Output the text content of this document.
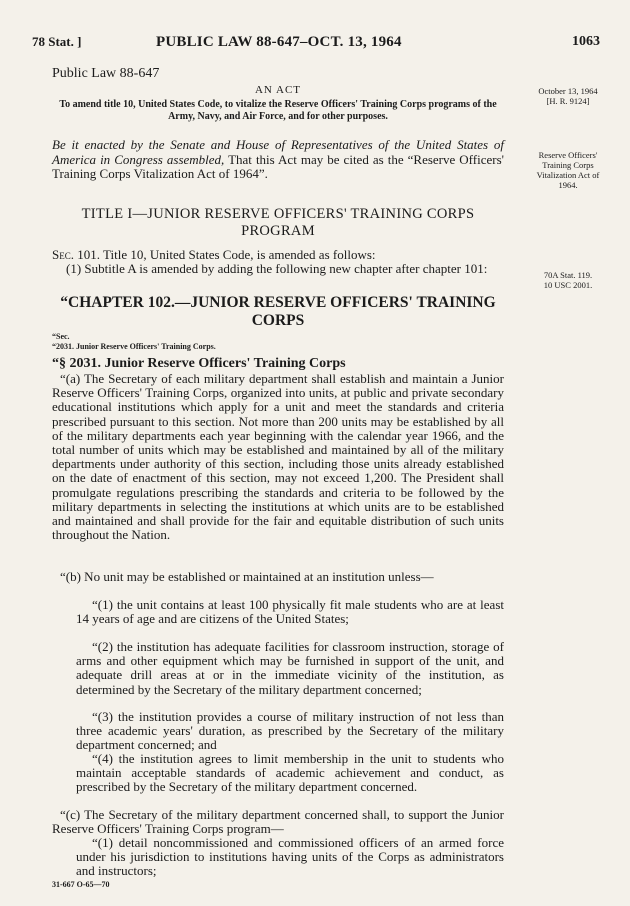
78 Stat. ]	PUBLIC LAW 88-647–OCT. 13, 1964	1063
Public Law 88-647
AN ACT
To amend title 10, United States Code, to vitalize the Reserve Officers' Training Corps programs of the Army, Navy, and Air Force, and for other purposes.
Be it enacted by the Senate and House of Representatives of the United States of America in Congress assembled, That this Act may be cited as the “Reserve Officers' Training Corps Vitalization Act of 1964”.
TITLE I—JUNIOR RESERVE OFFICERS' TRAINING CORPS PROGRAM
Sec. 101. Title 10, United States Code, is amended as follows:
(1) Subtitle A is amended by adding the following new chapter after chapter 101:
“CHAPTER 102.—JUNIOR RESERVE OFFICERS' TRAINING CORPS
“Sec.
“2031. Junior Reserve Officers' Training Corps.
“§ 2031. Junior Reserve Officers' Training Corps
“(a) The Secretary of each military department shall establish and maintain a Junior Reserve Officers' Training Corps, organized into units, at public and private secondary educational institutions which apply for a unit and meet the standards and criteria prescribed pursuant to this section. Not more than 200 units may be established by all of the military departments each year beginning with the calendar year 1966, and the total number of units which may be established and maintained by all of the military departments under authority of this section, including those units already established on the date of enactment of this section, may not exceed 1,200. The President shall promulgate regulations prescribing the standards and criteria to be followed by the military departments in selecting the institutions at which units are to be established and maintained and shall provide for the fair and equitable distribution of such units throughout the Nation.
“(b) No unit may be established or maintained at an institution unless—
“(1) the unit contains at least 100 physically fit male students who are at least 14 years of age and are citizens of the United States;
“(2) the institution has adequate facilities for classroom instruction, storage of arms and other equipment which may be furnished in support of the unit, and adequate drill areas at or in the immediate vicinity of the institution, as determined by the Secretary of the military department concerned;
“(3) the institution provides a course of military instruction of not less than three academic years' duration, as prescribed by the Secretary of the military department concerned; and
“(4) the institution agrees to limit membership in the unit to students who maintain acceptable standards of academic achievement and conduct, as prescribed by the Secretary of the military department concerned.
“(c) The Secretary of the military department concerned shall, to support the Junior Reserve Officers' Training Corps program—
“(1) detail noncommissioned and commissioned officers of an armed force under his jurisdiction to institutions having units of the Corps as administrators and instructors;
31-667 O-65—70
October 13, 1964
[H. R. 9124]
Reserve Officers'
Training Corps
Vitalization Act of
1964.
70A Stat. 119.
10 USC 2001.
